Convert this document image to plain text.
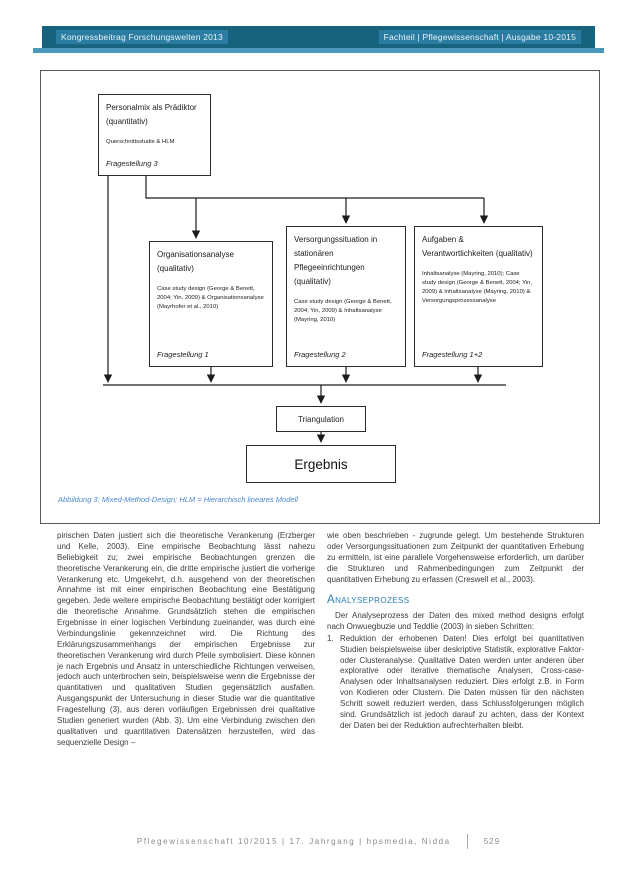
Kongressbeitrag Forschungswelten 2013	Fachteil | Pflegewissenschaft | Ausgabe 10-2015
Personalmix als Prädiktor (quantitativ)
Querschnittsstudie & HLM
Fragestellung 3
Organisationsanalyse (qualitativ)
Case study design (George & Benett, 2004; Yin, 2009) & Organisationsanalyse (Mayrhofer et al., 2010)
Fragestellung 1
Versorgungssituation in stationären Pflegeeinrichtungen (qualitativ)
Case study design (George & Benett, 2004; Yin, 2009) & Inhaltsanalyse (Mayring, 2010)
Fragestellung 2
Aufgaben & Verantwortlichkeiten (qualitativ)
Inhaltsanalyse (Mayring, 2010); Case study design (George & Benett, 2004; Yin, 2009) & Inhaltsanalyse (Mayring, 2010) & Versorgungsprozessanalyse
Fragestellung 1+2
Triangulation
Ergebnis
Abbildung 3: Mixed-Method-Design; HLM = Hierarchisch lineares Modell

pirischen Daten justiert sich die theoretische Verankerung (Erzberger und Kelle, 2003). Eine empirische Beobachtung lässt nahezu Beliebigkeit zu; zwei empirische Beobachtungen grenzen die theoretische Verankerung ein, die dritte empirische justiert die vorherige Verankerung etc. Umgekehrt, d.h. ausgehend von der theoretischen Annahme ist mit einer empirischen Beobachtung eine Bestätigung gegeben. Jede weitere empirische Beobachtung bestätigt oder korrigiert die theoretische Annahme. Grundsätzlich stehen die empirischen Ergebnisse in einer logischen Verbindung zueinander, was durch eine Verbindungslinie gekennzeichnet wird. Die Richtung des Erklärungszusammenhangs der empirischen Ergebnisse zur theoretischen Verankerung wird durch Pfeile symbolisiert. Diese können je nach Ergebnis und Ansatz in unterschiedliche Richtungen verweisen, jedoch auch unterbrochen sein, beispielsweise wenn die Ergebnisse der quantitativen und qualitativen Studien gegensätzlich ausfallen. Ausgangspunkt der Untersuchung in dieser Studie war die quantitative Fragestellung (3), aus deren vorläufigen Ergebnissen drei qualitative Studien generiert wurden (Abb. 3). Um eine Verbindung zwischen den qualitativen und quantitativen Datensätzen herzustellen, wird das sequenzielle Design –

wie oben beschrieben - zugrunde gelegt. Um bestehende Strukturen oder Versorgungssituationen zum Zeitpunkt der quantitativen Erhebung zu ermitteln, ist eine parallele Vorgehensweise erforderlich, um darüber die Strukturen und Rahmenbedingungen zum Zeitpunkt der quantitativen Erhebung zu erfassen (Creswell et al., 2003).

Analyseprozess

Der Analyseprozess der Daten des mixed method designs erfolgt nach Onwuegbuzie und Teddlie (2003) in sieben Schritten:

1. Reduktion der erhobenen Daten! Dies erfolgt bei quantitativen Studien beispielsweise über deskriptive Statistik, explorative Faktor- oder Clusteranalyse. Qualitative Daten werden unter anderen über explorative oder iterative thematische Analysen, Cross-case-Analysen oder Inhaltsanalysen reduziert. Dies erfolgt z.B. in Form von Kodieren oder Clustern. Die Daten müssen für den nächsten Schritt soweit reduziert werden, dass Schlussfolgerungen möglich sind. Grundsätzlich ist jedoch darauf zu achten, dass der Kontext der Daten bei der Reduktion aufrechterhalten bleibt.
Pflegewissenschaft 10/2015 | 17. Jahrgang | hpsmedia, Nidda	529
